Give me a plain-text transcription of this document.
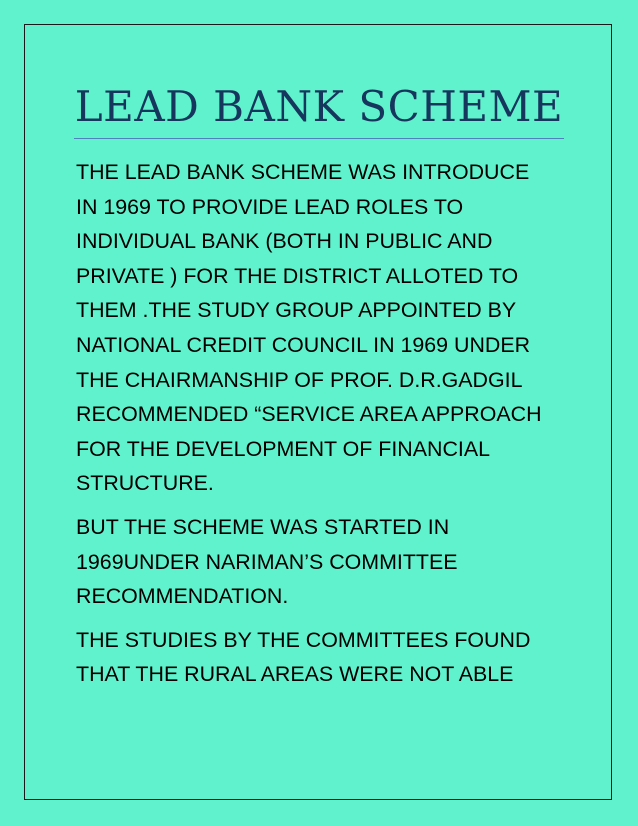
LEAD BANK SCHEME

THE LEAD BANK SCHEME WAS INTRODUCE
IN 1969 TO PROVIDE LEAD ROLES TO
INDIVIDUAL BANK (BOTH IN PUBLIC AND
PRIVATE ) FOR THE DISTRICT ALLOTED TO
THEM .THE STUDY GROUP APPOINTED BY
NATIONAL CREDIT COUNCIL IN 1969 UNDER
THE CHAIRMANSHIP OF PROF. D.R.GADGIL
RECOMMENDED “SERVICE AREA APPROACH
FOR THE DEVELOPMENT OF FINANCIAL
STRUCTURE.

BUT THE SCHEME WAS STARTED IN
1969UNDER NARIMAN’S COMMITTEE
RECOMMENDATION.

THE STUDIES BY THE COMMITTEES FOUND
THAT THE RURAL AREAS WERE NOT ABLE
